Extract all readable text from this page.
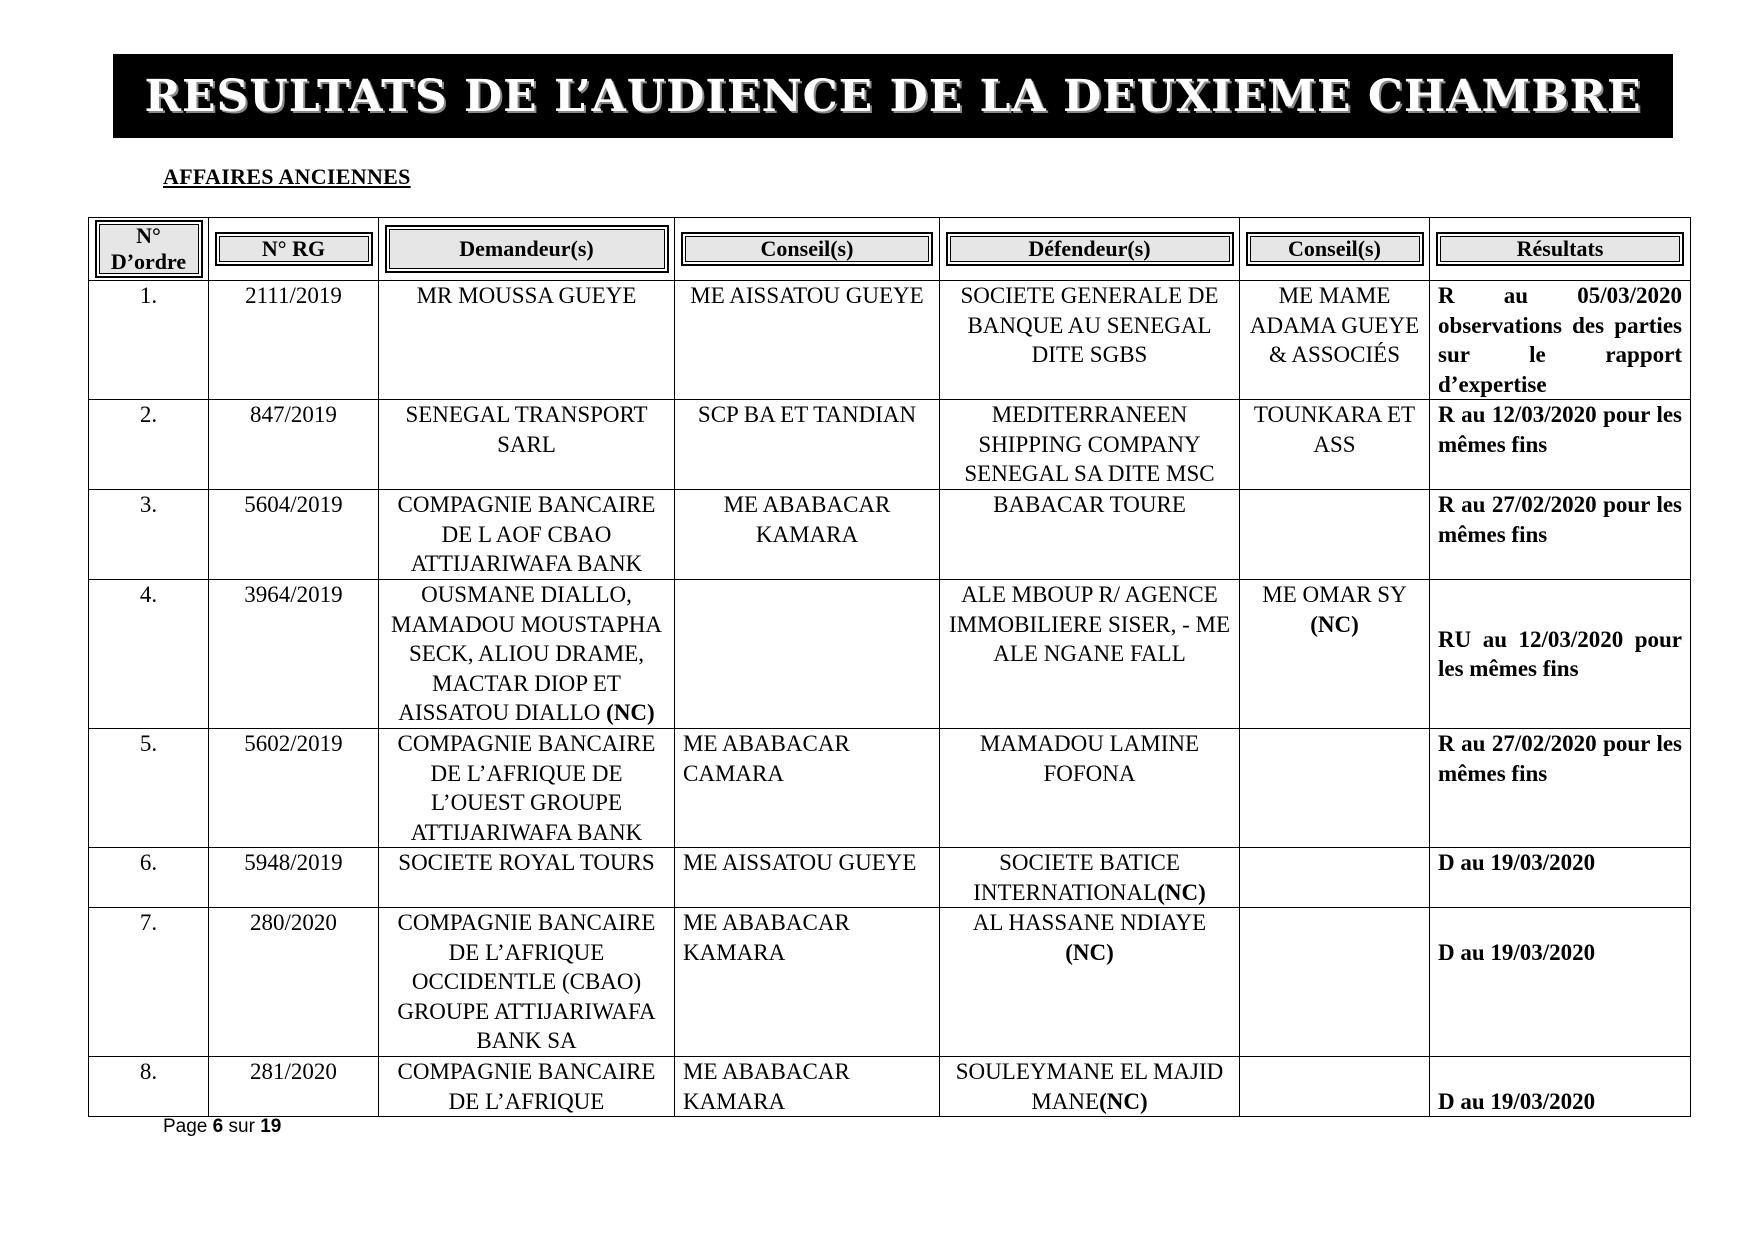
RESULTATS DE L’AUDIENCE DE LA DEUXIEME CHAMBRE
AFFAIRES ANCIENNES
N° D’ordre	N° RG	Demandeur(s)	Conseil(s)	Défendeur(s)	Conseil(s)	Résultats

1.	2111/2019	MR MOUSSA GUEYE	ME AISSATOU GUEYE	SOCIETE GENERALE DE BANQUE AU SENEGAL DITE SGBS	ME MAME ADAMA GUEYE & ASSOCIÉS	R au 05/03/2020 observations des parties sur le rapport d’expertise
2.	847/2019	SENEGAL TRANSPORT SARL	SCP BA ET TANDIAN	MEDITERRANEEN SHIPPING COMPANY SENEGAL SA DITE MSC	TOUNKARA ET ASS	R au 12/03/2020 pour les mêmes fins
3.	5604/2019	COMPAGNIE BANCAIRE DE L AOF CBAO ATTIJARIWAFA BANK	ME ABABACAR KAMARA	BABACAR TOURE		R au 27/02/2020 pour les mêmes fins
4.	3964/2019	OUSMANE DIALLO, MAMADOU MOUSTAPHA SECK, ALIOU DRAME, MACTAR DIOP ET AISSATOU DIALLO (NC)		ALE MBOUP R/ AGENCE IMMOBILIERE SISER, - ME ALE NGANE FALL	ME OMAR SY (NC)	RU au 12/03/2020 pour les mêmes fins
5.	5602/2019	COMPAGNIE BANCAIRE DE L’AFRIQUE DE L’OUEST GROUPE ATTIJARIWAFA BANK	ME ABABACAR CAMARA	MAMADOU LAMINE FOFONA		R au 27/02/2020 pour les mêmes fins
6.	5948/2019	SOCIETE ROYAL TOURS	ME AISSATOU GUEYE	SOCIETE BATICE INTERNATIONAL(NC)		D au 19/03/2020
7.	280/2020	COMPAGNIE BANCAIRE DE L’AFRIQUE OCCIDENTLE (CBAO) GROUPE ATTIJARIWAFA BANK SA	ME ABABACAR KAMARA	AL HASSANE NDIAYE (NC)		D au 19/03/2020
8.	281/2020	COMPAGNIE BANCAIRE DE L’AFRIQUE	ME ABABACAR KAMARA	SOULEYMANE EL MAJID MANE(NC)		D au 19/03/2020
Page 6 sur 19
